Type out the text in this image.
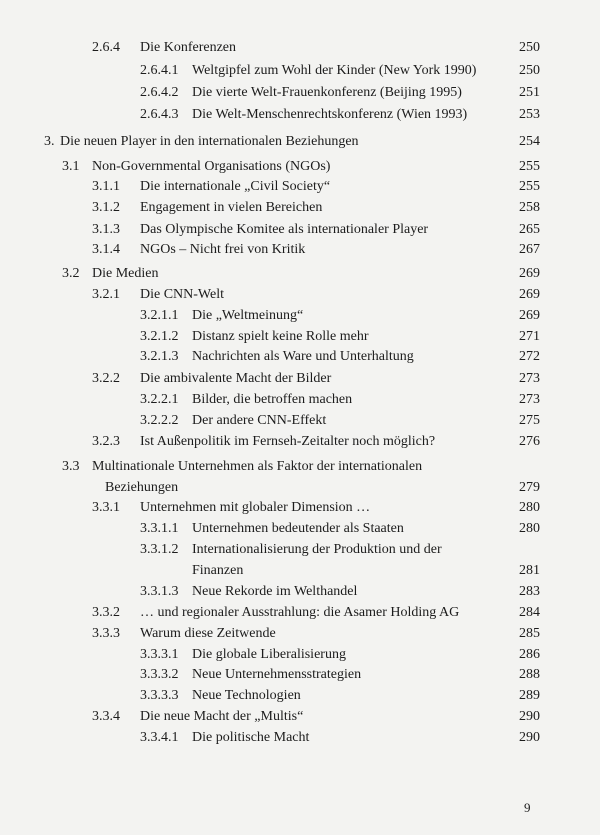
2.6.4 Die Konferenzen	250
2.6.4.1 Weltgipfel zum Wohl der Kinder (New York 1990)	250
2.6.4.2 Die vierte Welt-Frauenkonferenz (Beijing 1995)	251
2.6.4.3 Die Welt-Menschenrechtskonferenz (Wien 1993)	253
3. Die neuen Player in den internationalen Beziehungen	254
3.1 Non-Governmental Organisations (NGOs)	255
3.1.1 Die internationale „Civil Society“	255
3.1.2 Engagement in vielen Bereichen	258
3.1.3 Das Olympische Komitee als internationaler Player	265
3.1.4 NGOs – Nicht frei von Kritik	267
3.2 Die Medien	269
3.2.1 Die CNN-Welt	269
3.2.1.1 Die „Weltmeinung“	269
3.2.1.2 Distanz spielt keine Rolle mehr	271
3.2.1.3 Nachrichten als Ware und Unterhaltung	272
3.2.2 Die ambivalente Macht der Bilder	273
3.2.2.1 Bilder, die betroffen machen	273
3.2.2.2 Der andere CNN-Effekt	275
3.2.3 Ist Außenpolitik im Fernseh-Zeitalter noch möglich?	276
3.3 Multinationale Unternehmen als Faktor der internationalen
Beziehungen	279
3.3.1 Unternehmen mit globaler Dimension …	280
3.3.1.1 Unternehmen bedeutender als Staaten	280
3.3.1.2 Internationalisierung der Produktion und der
Finanzen	281
3.3.1.3 Neue Rekorde im Welthandel	283
3.3.2 … und regionaler Ausstrahlung: die Asamer Holding AG	284
3.3.3 Warum diese Zeitwende	285
3.3.3.1 Die globale Liberalisierung	286
3.3.3.2 Neue Unternehmensstrategien	288
3.3.3.3 Neue Technologien	289
3.3.4 Die neue Macht der „Multis“	290
3.3.4.1 Die politische Macht	290
9
